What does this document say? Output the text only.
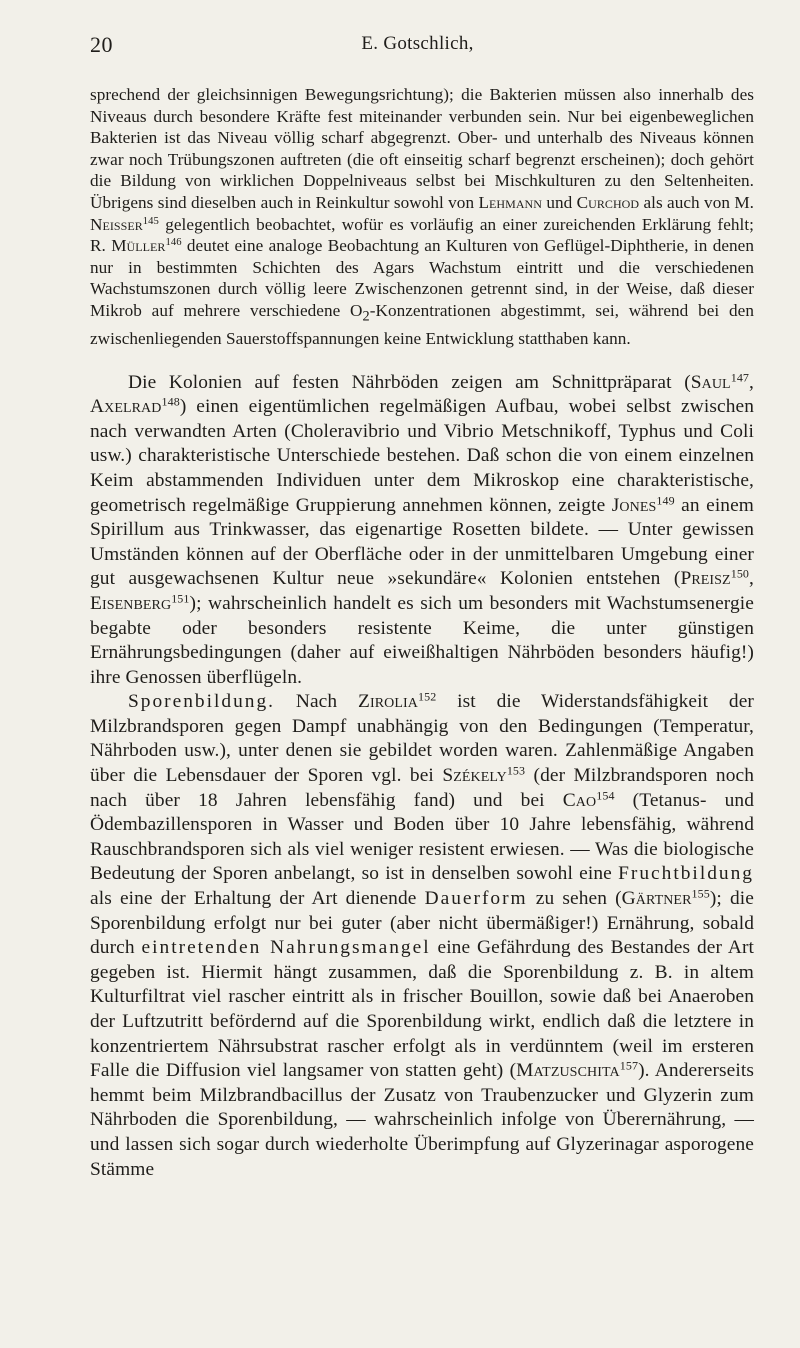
20	E. Gotschlich,

sprechend der gleichsinnigen Bewegungsrichtung); die Bakterien müssen also innerhalb des Niveaus durch besondere Kräfte fest miteinander verbunden sein. Nur bei eigenbeweglichen Bakterien ist das Niveau völlig scharf abgegrenzt. Ober- und unterhalb des Niveaus können zwar noch Trübungszonen auftreten (die oft einseitig scharf begrenzt erscheinen); doch gehört die Bildung von wirklichen Doppelniveaus selbst bei Mischkulturen zu den Seltenheiten. Übrigens sind dieselben auch in Reinkultur sowohl von Lehmann und Curchod als auch von M. Neisser$^{145}$ gelegentlich beobachtet, wofür es vorläufig an einer zureichenden Erklärung fehlt; R. Müller$^{146}$ deutet eine analoge Beobachtung an Kulturen von Geflügel-Diphtherie, in denen nur in bestimmten Schichten des Agars Wachstum eintritt und die verschiedenen Wachstumszonen durch völlig leere Zwischenzonen getrennt sind, in der Weise, daß dieser Mikrob auf mehrere verschiedene $O_2$-Konzentrationen abgestimmt, sei, während bei den zwischenliegenden Sauerstoffspannungen keine Entwicklung statthaben kann.

Die Kolonien auf festen Nährböden zeigen am Schnittpräparat (Saul$^{147}$, Axelrad$^{148}$) einen eigentümlichen regelmäßigen Aufbau, wobei selbst zwischen nach verwandten Arten (Choleravibrio und Vibrio Metschnikoff, Typhus und Coli usw.) charakteristische Unterschiede bestehen. Daß schon die von einem einzelnen Keim abstammenden Individuen unter dem Mikroskop eine charakteristische, geometrisch regelmäßige Gruppierung annehmen können, zeigte Jones$^{149}$ an einem Spirillum aus Trinkwasser, das eigenartige Rosetten bildete. — Unter gewissen Umständen können auf der Oberfläche oder in der unmittelbaren Umgebung einer gut ausgewachsenen Kultur neue »sekundäre« Kolonien entstehen (Preisz$^{150}$, Eisenberg$^{151}$); wahrscheinlich handelt es sich um besonders mit Wachstumsenergie begabte oder besonders resistente Keime, die unter günstigen Ernährungsbedingungen (daher auf eiweißhaltigen Nährböden besonders häufig!) ihre Genossen überflügeln.

Sporenbildung. Nach Zirolia$^{152}$ ist die Widerstandsfähigkeit der Milzbrandsporen gegen Dampf unabhängig von den Bedingungen (Temperatur, Nährboden usw.), unter denen sie gebildet worden waren. Zahlenmäßige Angaben über die Lebensdauer der Sporen vgl. bei Székely$^{153}$ (der Milzbrandsporen noch nach über 18 Jahren lebensfähig fand) und bei Cao$^{154}$ (Tetanus- und Ödembazillensporen in Wasser und Boden über 10 Jahre lebensfähig, während Rauschbrandsporen sich als viel weniger resistent erwiesen. — Was die biologische Bedeutung der Sporen anbelangt, so ist in denselben sowohl eine Fruchtbildung als eine der Erhaltung der Art dienende Dauerform zu sehen (Gärtner$^{155}$); die Sporenbildung erfolgt nur bei guter (aber nicht übermäßiger!) Ernährung, sobald durch eintretenden Nahrungsmangel eine Gefährdung des Bestandes der Art gegeben ist. Hiermit hängt zusammen, daß die Sporenbildung z. B. in altem Kulturfiltrat viel rascher eintritt als in frischer Bouillon, sowie daß bei Anaeroben der Luftzutritt befördernd auf die Sporenbildung wirkt, endlich daß die letztere in konzentriertem Nährsubstrat rascher erfolgt als in verdünntem (weil im ersteren Falle die Diffusion viel langsamer von statten geht) (Matzuschita$^{157}$). Andererseits hemmt beim Milzbrandbacillus der Zusatz von Traubenzucker und Glyzerin zum Nährboden die Sporenbildung, — wahrscheinlich infolge von Überernährung, — und lassen sich sogar durch wiederholte Überimpfung auf Glyzerinagar asporogene Stämme
